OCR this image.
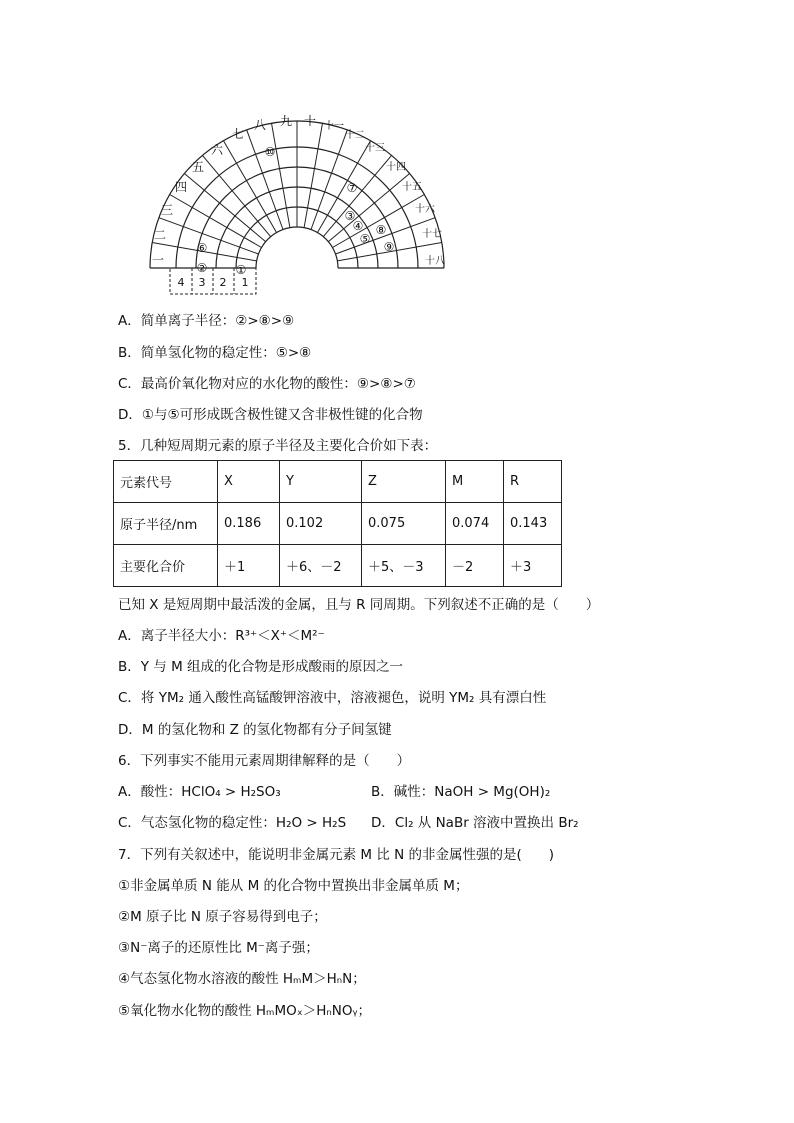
一
二
三
四
五
六
七
八 九 十 十一
十二
十三
十四
十五
十六
十七
十八
①
②
⑥
⑩
⑦
③
④
⑤
⑧
⑨
4 3 2 1
A．简单离子半径：②>⑧>⑨
B．简单氢化物的稳定性：⑤>⑧
C．最高价氧化物对应的水化物的酸性：⑨>⑧>⑦
D．①与⑤可形成既含极性键又含非极性键的化合物
5．几种短周期元素的原子半径及主要化合价如下表：
元素代号	X	Y	Z	M	R
原子半径/nm	0.186	0.102	0.075	0.074	0.143
主要化合价	＋1	＋6、－2	＋5、－3	－2	＋3
已知 X 是短周期中最活泼的金属，且与 R 同周期。下列叙述不正确的是（　　）
A．离子半径大小：R³⁺＜X⁺＜M²⁻
B．Y 与 M 组成的化合物是形成酸雨的原因之一
C．将 YM₂ 通入酸性高锰酸钾溶液中，溶液褪色，说明 YM₂ 具有漂白性
D．M 的氢化物和 Z 的氢化物都有分子间氢键
6．下列事实不能用元素周期律解释的是（　　）
A．酸性：HClO₄ > H₂SO₃	B．碱性：NaOH > Mg(OH)₂
C．气态氢化物的稳定性：H₂O > H₂S D．Cl₂ 从 NaBr 溶液中置换出 Br₂
7．下列有关叙述中，能说明非金属元素 M 比 N 的非金属性强的是(　　)
①非金属单质 N 能从 M 的化合物中置换出非金属单质 M；
②M 原子比 N 原子容易得到电子；
③N⁻离子的还原性比 M⁻离子强；
④气态氢化物水溶液的酸性 HₘM＞HₙN；
⑤氧化物水化物的酸性 HₘMOₓ＞HₙNOᵧ；
